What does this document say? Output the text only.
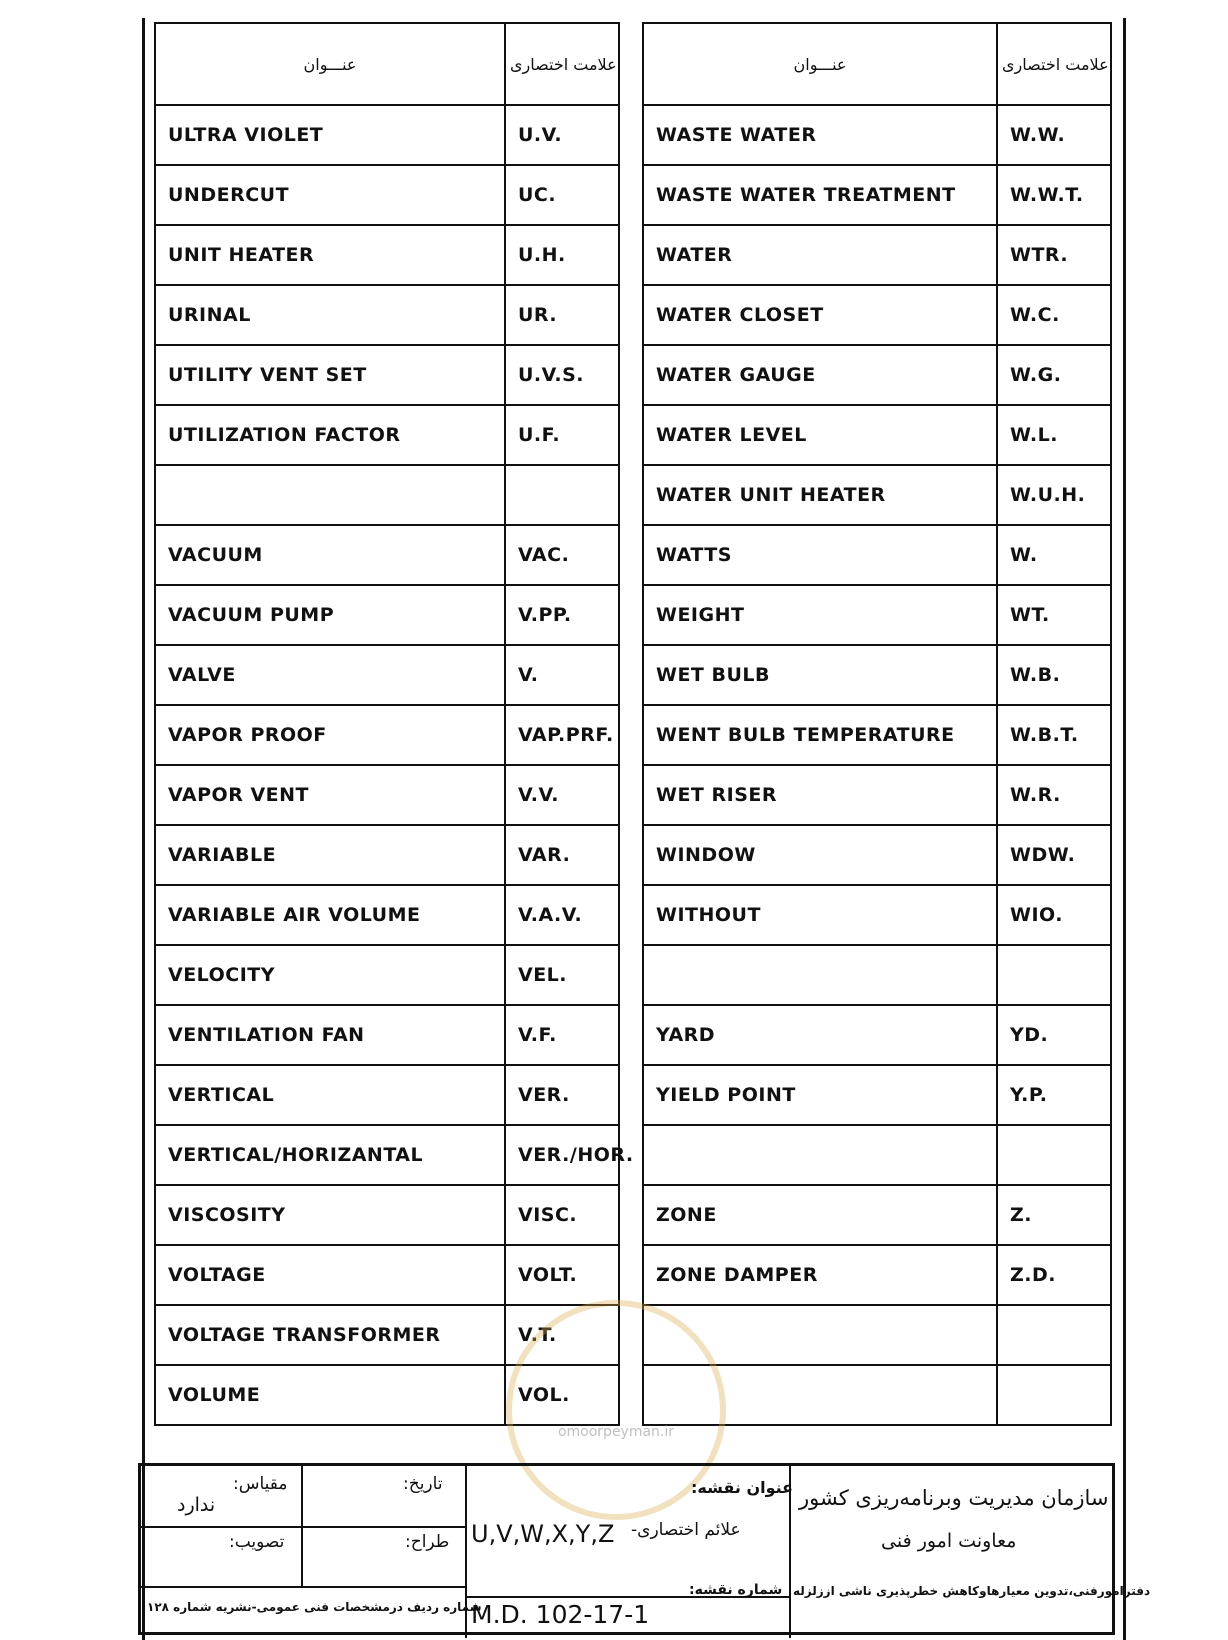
عنـــوان	علامت اختصاری
ULTRA VIOLET	U.V.
UNDERCUT	UC.
UNIT HEATER	U.H.
URINAL	UR.
UTILITY VENT SET	U.V.S.
UTILIZATION FACTOR	U.F.

VACUUM	VAC.
VACUUM PUMP	V.PP.
VALVE	V.
VAPOR PROOF	VAP.PRF.
VAPOR VENT	V.V.
VARIABLE	VAR.
VARIABLE AIR VOLUME	V.A.V.
VELOCITY	VEL.
VENTILATION FAN	V.F.
VERTICAL	VER.
VERTICAL/HORIZANTAL	VER./HOR.
VISCOSITY	VISC.
VOLTAGE	VOLT.
VOLTAGE TRANSFORMER	V.T.
VOLUME	VOL.
عنـــوان	علامت اختصاری
WASTE WATER	W.W.
WASTE WATER TREATMENT	W.W.T.
WATER	WTR.
WATER CLOSET	W.C.
WATER GAUGE	W.G.
WATER LEVEL	W.L.
WATER UNIT HEATER	W.U.H.
WATTS	W.
WEIGHT	WT.
WET BULB	W.B.
WENT BULB TEMPERATURE	W.B.T.
WET RISER	W.R.
WINDOW	WDW.
WITHOUT	WIO.

YARD	YD.
YIELD POINT	Y.P.

ZONE	Z.
ZONE DAMPER	Z.D.

omoorpeyman.ir
مقیاس:
ندارد
تاریخ:
تصویب:	طراح:
شماره ردیف درمشخصات فنی عمومی-نشریه شماره ۱۲۸
عنوان نقشه:
U,V,W,X,Y,Z علائم اختصاری-
شماره نقشه:
M.D. 102-17-1
سازمان مدیریت وبرنامه‌ریزی کشور
معاونت امور فنی
دفترامورفنی،تدوین معیارهاوکاهش خطرپذیری ناشی اززلزله
